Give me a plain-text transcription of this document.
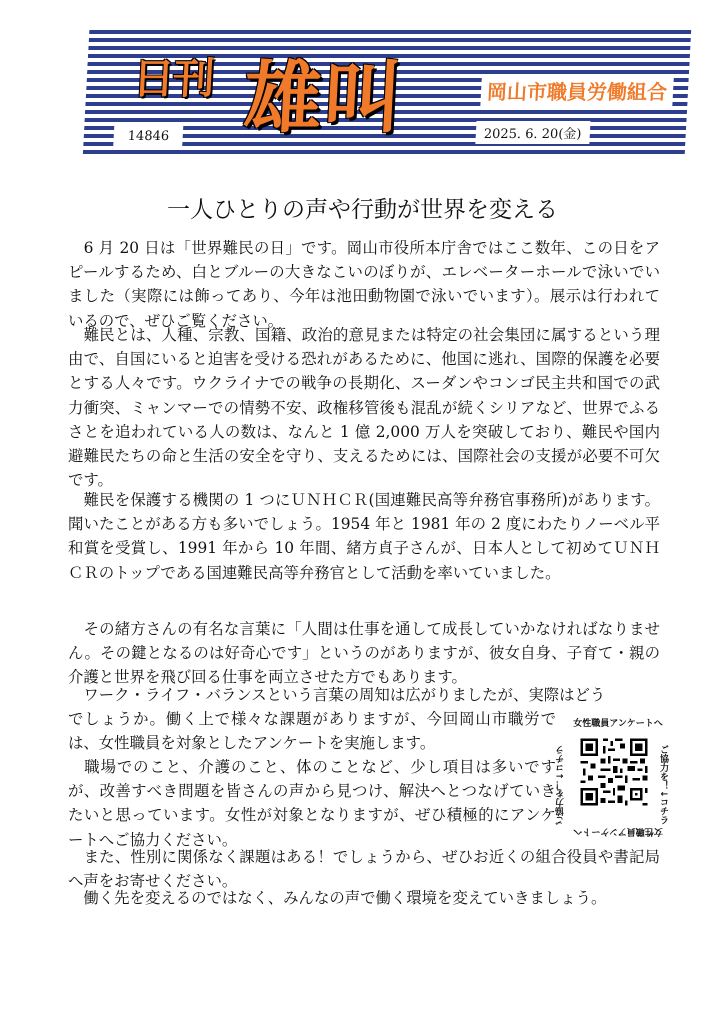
日刊 雄叫	岡山市職員労働組合
14846	2025. 6. 20(金)
一人ひとりの声や行動が世界を変える

　6 月 20 日は「世界難民の日」です。岡山市役所本庁舎ではここ数年、この日をアピールするため、白とブルーの大きなこいのぼりが、エレベーターホールで泳いでいました（実際には飾ってあり、今年は池田動物園で泳いでいます）。展示は行われているので、ぜひご覧ください。

　難民とは、人種、宗教、国籍、政治的意見または特定の社会集団に属するという理由で、自国にいると迫害を受ける恐れがあるために、他国に逃れ、国際的保護を必要とする人々です。ウクライナでの戦争の長期化、スーダンやコンゴ民主共和国での武力衝突、ミャンマーでの情勢不安、政権移管後も混乱が続くシリアなど、世界でふるさとを追われている人の数は、なんと 1 億 2,000 万人を突破しており、難民や国内避難民たちの命と生活の安全を守り、支えるためには、国際社会の支援が必要不可欠です。

　難民を保護する機関の 1 つにＵＮＨＣＲ(国連難民高等弁務官事務所)があります。聞いたことがある方も多いでしょう。1954 年と 1981 年の 2 度にわたりノーベル平和賞を受賞し、1991 年から 10 年間、緒方貞子さんが、日本人として初めてＵＮＨＣＲのトップである国連難民高等弁務官として活動を率いていました。

　その緒方さんの有名な言葉に「人間は仕事を通して成長していかなければなりません。その鍵となるのは好奇心です」というのがありますが、彼女自身、子育て・親の介護と世界を飛び回る仕事を両立させた方でもあります。

　ワーク・ライフ・バランスという言葉の周知は広がりましたが、実際はどう

でしょうか。働く上で様々な課題がありますが、今回岡山市職労では、女性職員を対象としたアンケートを実施します。

　職場でのこと、介護のこと、体のことなど、少し項目は多いですが、改善すべき問題を皆さんの声から見つけ、解決へとつなげていきたいと思っています。女性が対象となりますが、ぜひ積極的にアンケートへご協力ください。

　また、性別に関係なく課題はある！でしょうから、ぜひお近くの組合役員や書記局へ声をお寄せください。

　働く先を変えるのではなく、みんなの声で働く環境を変えていきましょう。

女性職員アンケートへ
ご協力を！↓コチラ	ご協力を！↓コチラ
女性職員アンケートへ
